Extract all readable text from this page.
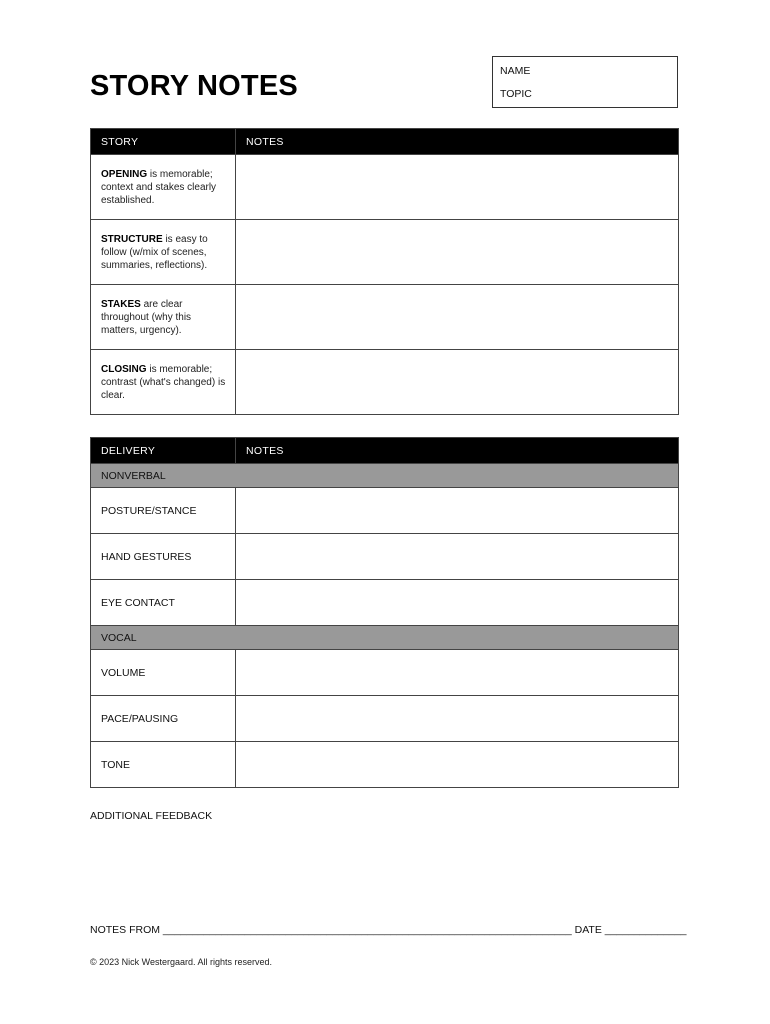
STORY NOTES	NAME
TOPIC
STORY	NOTES
OPENING is memorable; context and stakes clearly established.	
STRUCTURE is easy to follow (w/mix of scenes, summaries, reflections).	
STAKES are clear throughout (why this matters, urgency).	
CLOSING is memorable; contrast (what's changed) is clear.	
DELIVERY	NOTES
NONVERBAL	
POSTURE/STANCE	
HAND GESTURES	
EYE CONTACT	
VOCAL	
VOLUME	
PACE/PAUSING	
TONE	
ADDITIONAL FEEDBACK
NOTES FROM ______________________________________________________________________ DATE ______________
© 2023 Nick Westergaard. All rights reserved.
